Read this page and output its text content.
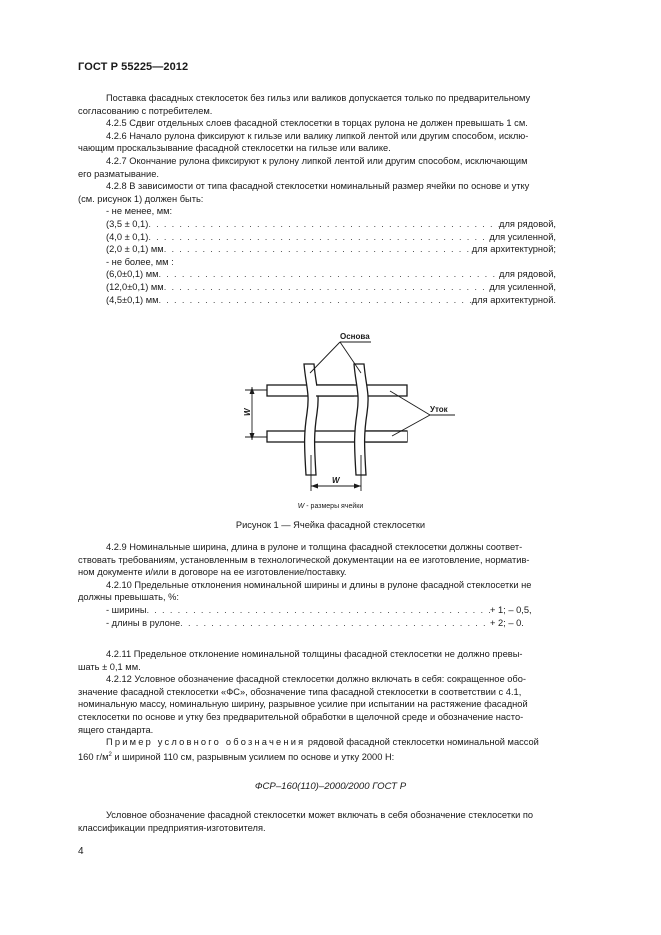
ГОСТ Р 55225—2012
Поставка фасадных стеклосеток без гильз или валиков допускается только по предварительному
согласованию с потребителем.
4.2.5 Сдвиг отдельных слоев фасадной стеклосетки в торцах рулона не должен превышать 1 см.
4.2.6 Начало рулона фиксируют к гильзе или валику липкой лентой или другим способом, исклю-
чающим проскальзывание фасадной стеклосетки на гильзе или валике.
4.2.7 Окончание рулона фиксируют к рулону липкой лентой или другим способом, исключающим
его разматывание.
4.2.8 В зависимости от типа фасадной стеклосетки номинальный размер ячейки по основе и утку
(см. рисунок 1) должен быть:
- не менее, мм:
(3,5 ± 0,1) . . .	для рядовой,
(4,0 ± 0,1) . . .	для усиленной,
(2,0 ± 0,1) мм . . .	для архитектурной;
- не более, мм :
(6,0±0,1) мм . . .	для рядовой,
(12,0±0,1) мм . . .	для усиленной,
(4,5±0,1) мм . . .	для архитектурной.
Основа
Уток
W
W
W - размеры ячейки
Рисунок 1 — Ячейка фасадной стеклосетки
4.2.9 Номинальные ширина, длина в рулоне и толщина фасадной стеклосетки должны соответ-
ствовать требованиям, установленным в технологической документации на ее изготовление, норматив-
ном документе и/или в договоре на ее изготовление/поставку.
4.2.10 Предельные отклонения номинальной ширины и длины в рулоне фасадной стеклосетки не
должны превышать, %:
- ширины . . .	+ 1; – 0,5,
- длины в рулоне . . .	+ 2; – 0.
4.2.11 Предельное отклонение номинальной толщины фасадной стеклосетки не должно превы-
шать ± 0,1 мм.
4.2.12 Условное обозначение фасадной стеклосетки должно включать в себя: сокращенное обо-
значение фасадной стеклосетки «ФС», обозначение типа фасадной стеклосетки в соответствии с 4.1,
номинальную массу, номинальную ширину, разрывное усилие при испытании на растяжение фасадной
стеклосетки по основе и утку без предварительной обработки в щелочной среде и обозначение настo-
ящего стандарта.
Пример условного обозначения рядовой фасадной стеклосетки номинальной массой
160 $г/м^2$ и шириной 110 см, разрывным усилием по основе и утку 2000 Н:
ФСР–160(110)–2000/2000 ГОСТ Р
Условное обозначение фасадной стеклосетки может включать в себя обозначение стеклосетки по
классификации предприятия-изготовителя.
4
